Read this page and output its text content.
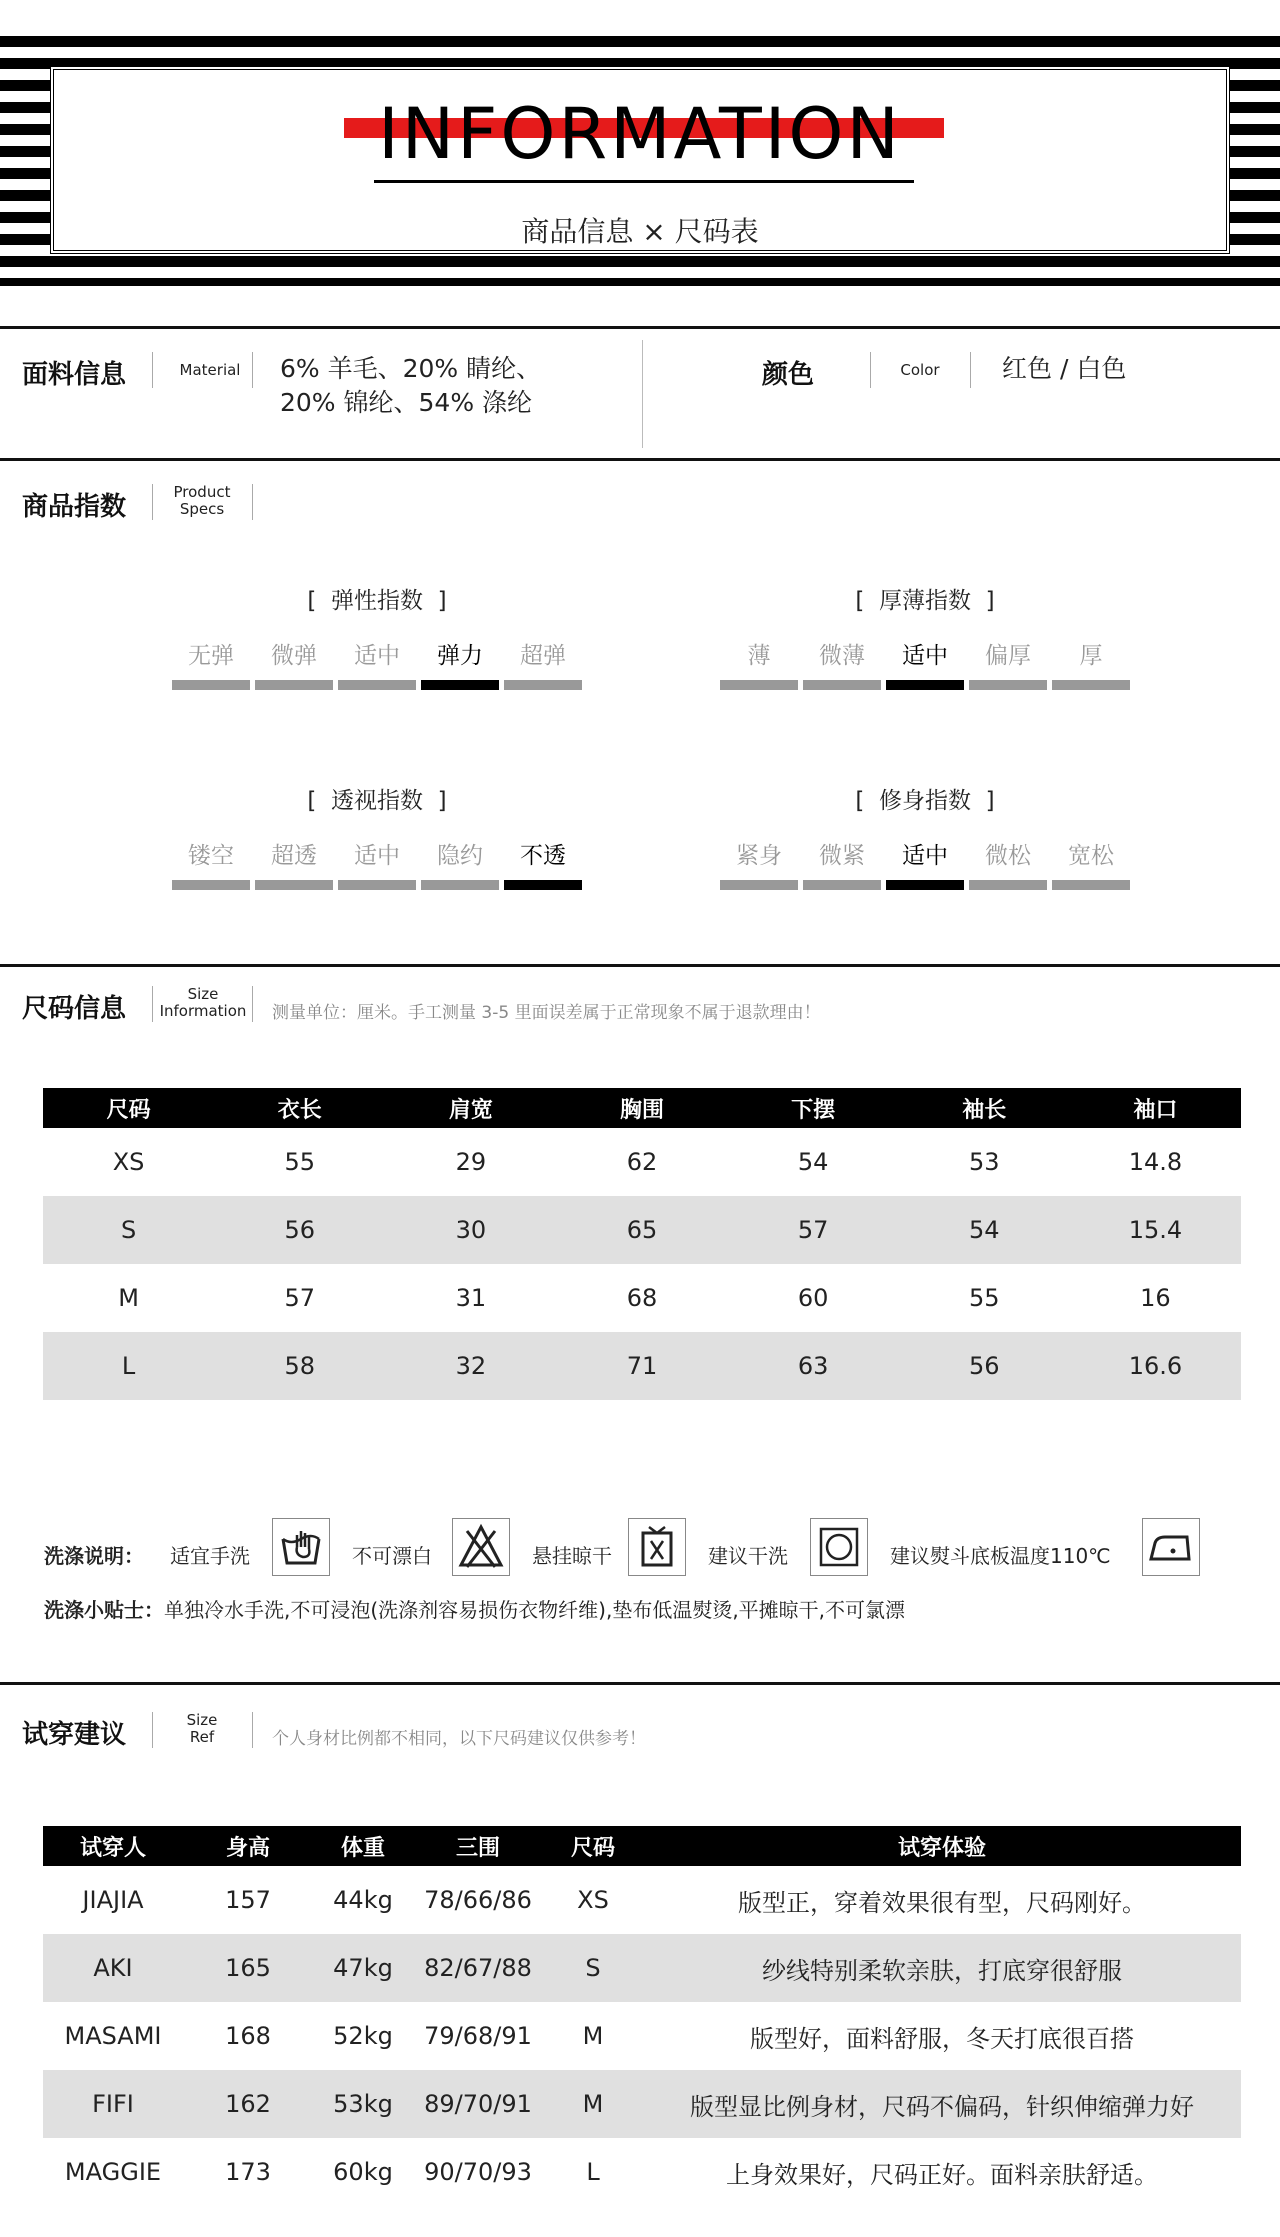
INFORMATION
商品信息 × 尺码表
面料信息	Material	6% 羊毛、20% 睛纶、
20% 锦纶、54% 涤纶
颜色	Color	红色 / 白色
商品指数	Product
Specs
[  弹性指数  ]
无弹	微弹	适中	弹力	超弹
[  厚薄指数  ]
薄	微薄	适中	偏厚	厚
[  透视指数  ]
镂空	超透	适中	隐约	不透
[  修身指数  ]
紧身	微紧	适中	微松	宽松
尺码信息	Size
Information 测量单位：厘米。手工测量 3-5 里面误差属于正常现象不属于退款理由！
尺码	衣长	肩宽	胸围	下摆	袖长	袖口
XS	55	29	62	54	53	14.8
S	56	30	65	57	54	15.4
M	57	31	68	60	55	16
L	58	32	71	63	56	16.6
洗涤说明： 适宜手洗	不可漂白	悬挂晾干	建议干洗	建议熨斗底板温度110℃
洗涤小贴士：单独冷水手洗,不可浸泡(洗涤剂容易损伤衣物纤维),垫布低温熨烫,平摊晾干,不可氯漂
试穿建议	Size
Ref	个人身材比例都不相同，以下尺码建议仅供参考！
试穿人	身高	体重	三围	尺码	试穿体验
JIAJIA	157	44kg	78/66/86	XS	版型正，穿着效果很有型，尺码刚好。
AKI	165	47kg	82/67/88	S	纱线特别柔软亲肤，打底穿很舒服
MASAMI	168	52kg	79/68/91	M	版型好，面料舒服，冬天打底很百搭
FIFI	162	53kg	89/70/91	M	版型显比例身材，尺码不偏码，针织伸缩弹力好
MAGGIE	173	60kg	90/70/93	L	上身效果好，尺码正好。面料亲肤舒适。
